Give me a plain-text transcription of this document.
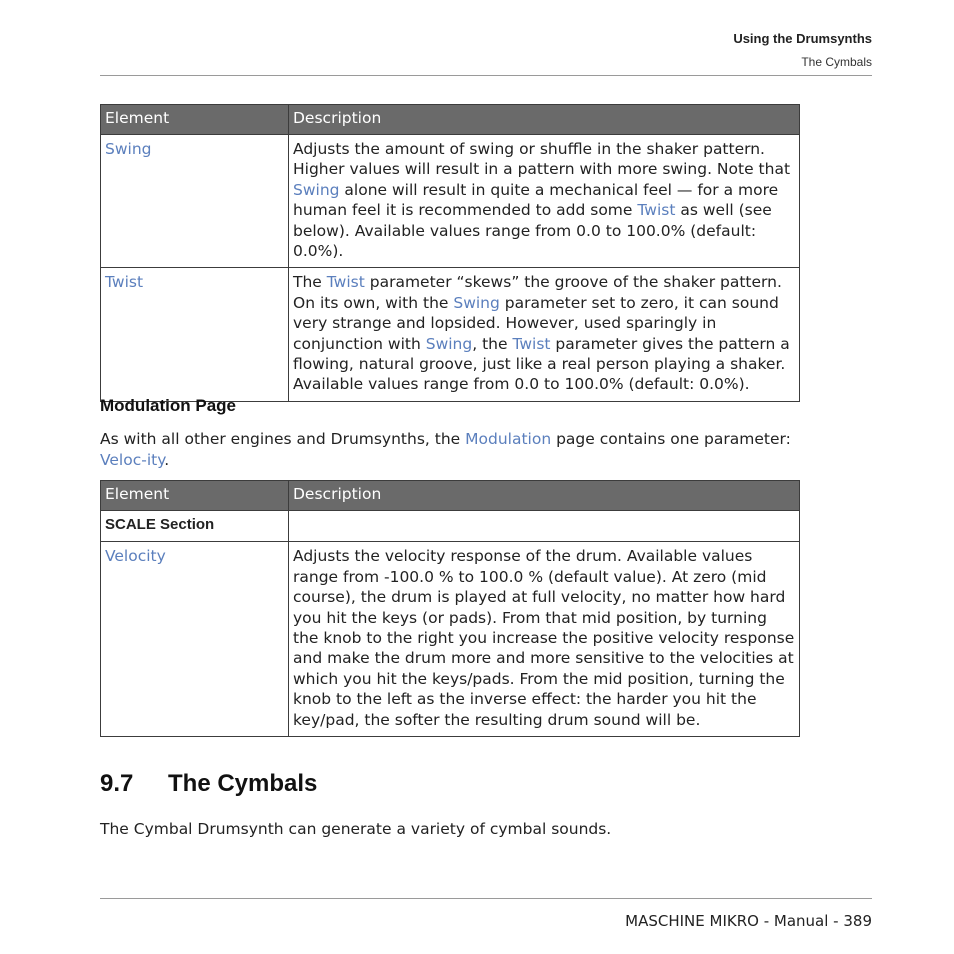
Using the Drumsynths
The Cymbals
Element	Description
Swing	Adjusts the amount of swing or shuffle in the shaker pattern. Higher values will result in a pattern with more swing. Note that Swing alone will result in quite a mechanical feel — for a more human feel it is recommended to add some Twist as well (see below). Available values range from 0.0 to 100.0% (default: 0.0%).
Twist	The Twist parameter “skews” the groove of the shaker pattern. On its own, with the Swing parameter set to zero, it can sound very strange and lopsided. However, used sparingly in conjunction with Swing, the Twist parameter gives the pattern a flowing, natural groove, just like a real person playing a shaker. Available values range from 0.0 to 100.0% (default: 0.0%).
Modulation Page
As with all other engines and Drumsynths, the Modulation page contains one parameter: Veloc-ity.
Element	Description
SCALE Section	
Velocity	Adjusts the velocity response of the drum. Available values range from -100.0 % to 100.0 % (default value). At zero (mid course), the drum is played at full velocity, no matter how hard you hit the keys (or pads). From that mid position, by turning the knob to the right you increase the positive velocity response and make the drum more and more sensitive to the velocities at which you hit the keys/pads. From the mid position, turning the knob to the left as the inverse effect: the harder you hit the key/pad, the softer the resulting drum sound will be.
9.7 The Cymbals
The Cymbal Drumsynth can generate a variety of cymbal sounds.
MASCHINE MIKRO - Manual - 389
